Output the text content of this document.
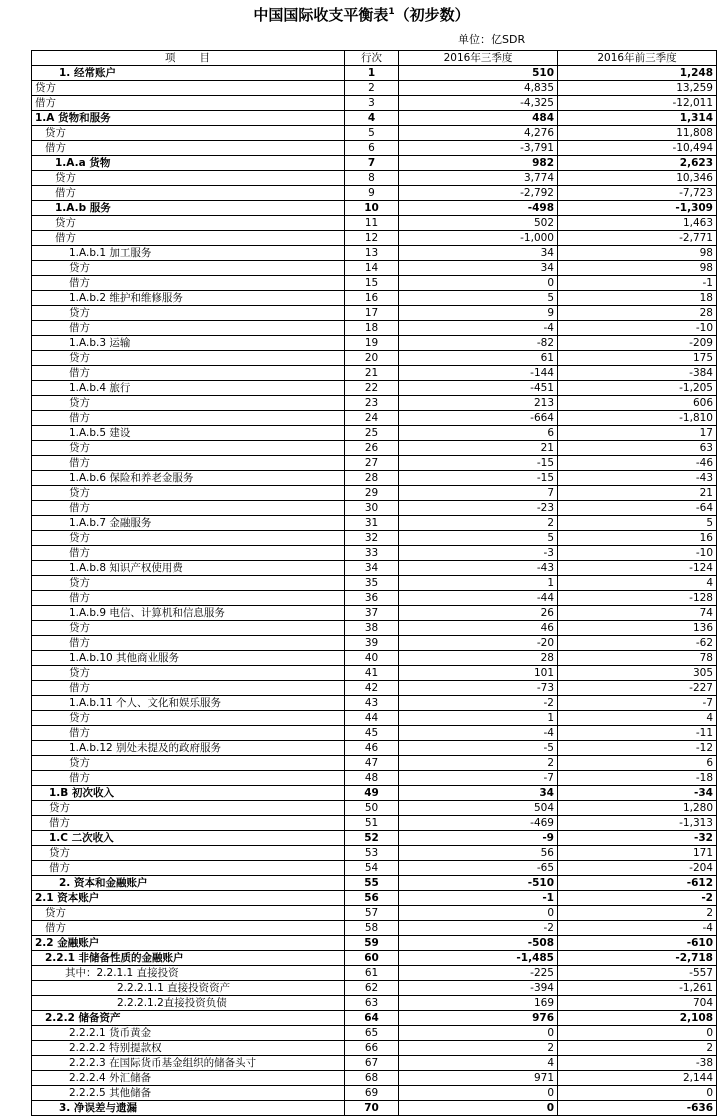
中国国际收支平衡表$^1$（初步数）
单位：亿SDR
项　　目	行次	2016年三季度	2016年前三季度
1. 经常账户	1	510	1,248
贷方	2	4,835	13,259
借方	3	-4,325	-12,011
1.A 货物和服务	4	484	1,314
贷方	5	4,276	11,808
借方	6	-3,791	-10,494
1.A.a 货物	7	982	2,623
贷方	8	3,774	10,346
借方	9	-2,792	-7,723
1.A.b 服务	10	-498	-1,309
贷方	11	502	1,463
借方	12	-1,000	-2,771
1.A.b.1 加工服务	13	34	98
贷方	14	34	98
借方	15	0	-1
1.A.b.2 维护和维修服务	16	5	18
贷方	17	9	28
借方	18	-4	-10
1.A.b.3 运输	19	-82	-209
贷方	20	61	175
借方	21	-144	-384
1.A.b.4 旅行	22	-451	-1,205
贷方	23	213	606
借方	24	-664	-1,810
1.A.b.5 建设	25	6	17
贷方	26	21	63
借方	27	-15	-46
1.A.b.6 保险和养老金服务	28	-15	-43
贷方	29	7	21
借方	30	-23	-64
1.A.b.7 金融服务	31	2	5
贷方	32	5	16
借方	33	-3	-10
1.A.b.8 知识产权使用费	34	-43	-124
贷方	35	1	4
借方	36	-44	-128
1.A.b.9 电信、计算机和信息服务	37	26	74
贷方	38	46	136
借方	39	-20	-62
1.A.b.10 其他商业服务	40	28	78
贷方	41	101	305
借方	42	-73	-227
1.A.b.11 个人、文化和娱乐服务	43	-2	-7
贷方	44	1	4
借方	45	-4	-11
1.A.b.12 别处未提及的政府服务	46	-5	-12
贷方	47	2	6
借方	48	-7	-18
1.B 初次收入	49	34	-34
贷方	50	504	1,280
借方	51	-469	-1,313
1.C 二次收入	52	-9	-32
贷方	53	56	171
借方	54	-65	-204
2. 资本和金融账户	55	-510	-612
2.1 资本账户	56	-1	-2
贷方	57	0	2
借方	58	-2	-4
2.2 金融账户	59	-508	-610
2.2.1 非储备性质的金融账户	60	-1,485	-2,718
其中：2.2.1.1 直接投资	61	-225	-557
2.2.2.1.1 直接投资资产	62	-394	-1,261
2.2.2.1.2直接投资负债	63	169	704
2.2.2 储备资产	64	976	2,108
2.2.2.1 货币黄金	65	0	0
2.2.2.2 特别提款权	66	2	2
2.2.2.3 在国际货币基金组织的储备头寸	67	4	-38
2.2.2.4 外汇储备	68	971	2,144
2.2.2.5 其他储备	69	0	0
3. 净误差与遗漏	70	0	-636
